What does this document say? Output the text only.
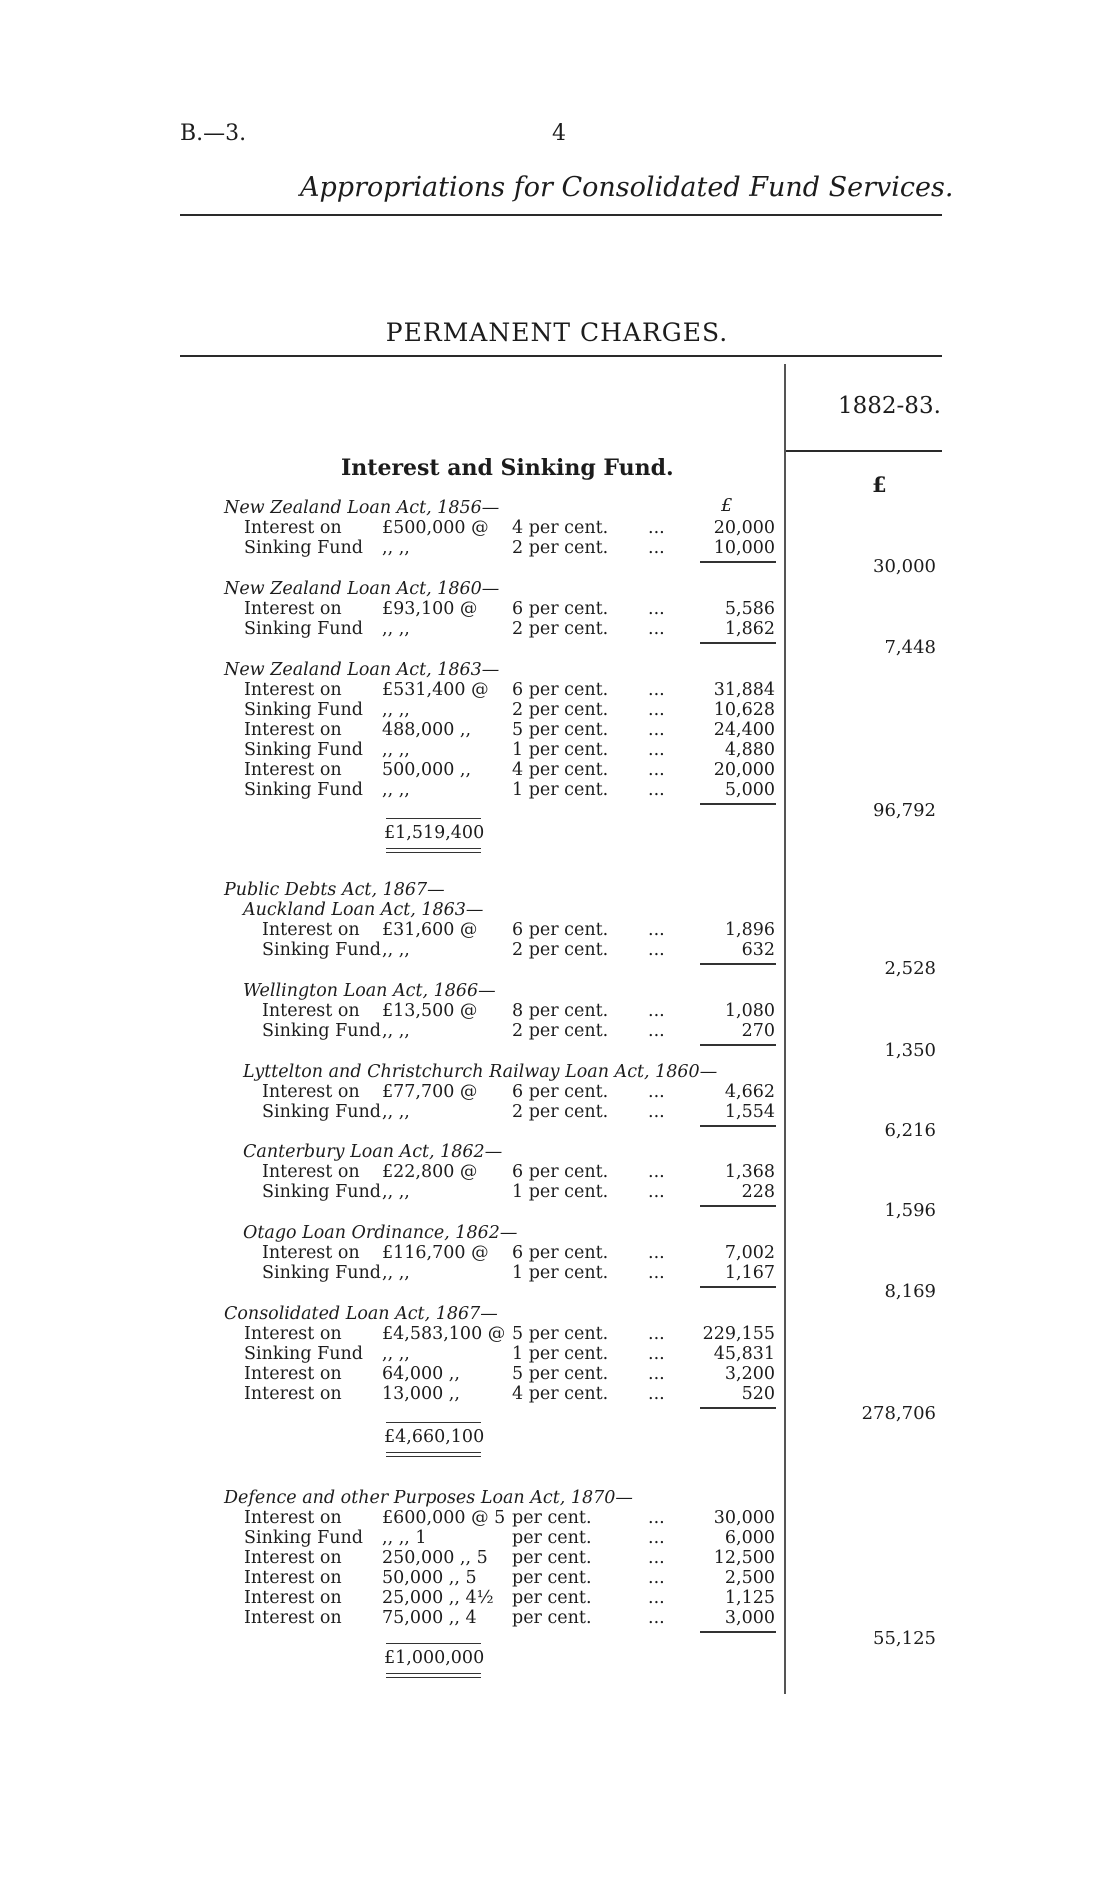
B.—3.	4
Appropriations for Consolidated Fund Services.
PERMANENT CHARGES.
1882-83.
Interest and Sinking Fund.
£
£
New Zealand Loan Act, 1856—
Interest on £500,000 @ 4 per cent. ...	20,000
Sinking Fund ,, ,,	2 per cent. ...	10,000
30,000
New Zealand Loan Act, 1860—
Interest on £93,100 @ 6 per cent. ...	5,586
Sinking Fund ,, ,,	2 per cent. ...	1,862
7,448
New Zealand Loan Act, 1863—
Interest on £531,400 @ 6 per cent. ...	31,884
Sinking Fund ,, ,,	2 per cent. ...	10,628
Interest on 488,000 ,, 5 per cent. ...	24,400
Sinking Fund ,, ,,	1 per cent. ...	4,880
Interest on 500,000 ,, 4 per cent. ...	20,000
Sinking Fund ,, ,,	1 per cent. ...	5,000
£1,519,400
96,792
Public Debts Act, 1867—
Auckland Loan Act, 1863—
Interest on £31,600 @ 6 per cent. ...	1,896
Sinking Fund ,, ,,	2 per cent. ...	632
2,528
Wellington Loan Act, 1866—
Interest on £13,500 @ 8 per cent. ...	1,080
Sinking Fund ,, ,,	2 per cent. ...	270
1,350
Lyttelton and Christchurch Railway Loan Act, 1860—
Interest on £77,700 @ 6 per cent. ...	4,662
Sinking Fund ,, ,,	2 per cent. ...	1,554
6,216
Canterbury Loan Act, 1862—
Interest on £22,800 @ 6 per cent. ...	1,368
Sinking Fund ,, ,,	1 per cent. ...	228
1,596
Otago Loan Ordinance, 1862—
Interest on £116,700 @ 6 per cent. ...	7,002
Sinking Fund ,, ,,	1 per cent. ...	1,167
8,169
Consolidated Loan Act, 1867—
Interest on £4,583,100 @ 5 per cent. ... 229,155
Sinking Fund ,, ,,	1 per cent. ...	45,831
Interest on 64,000 ,,	5 per cent. ...	3,200
Interest on 13,000 ,,	4 per cent. ...	520
£4,660,100
278,706
Defence and other Purposes Loan Act, 1870—
Interest on £600,000 @ 5 per cent.	...	30,000
Sinking Fund ,, ,, 1	per cent.	...	6,000
Interest on 250,000 ,, 5 per cent.	...	12,500
Interest on 50,000 ,, 5 per cent.	...	2,500
Interest on 25,000 ,, 4½ per cent.	...	1,125
Interest on 75,000 ,, 4 per cent.	...	3,000
£1,000,000
55,125
